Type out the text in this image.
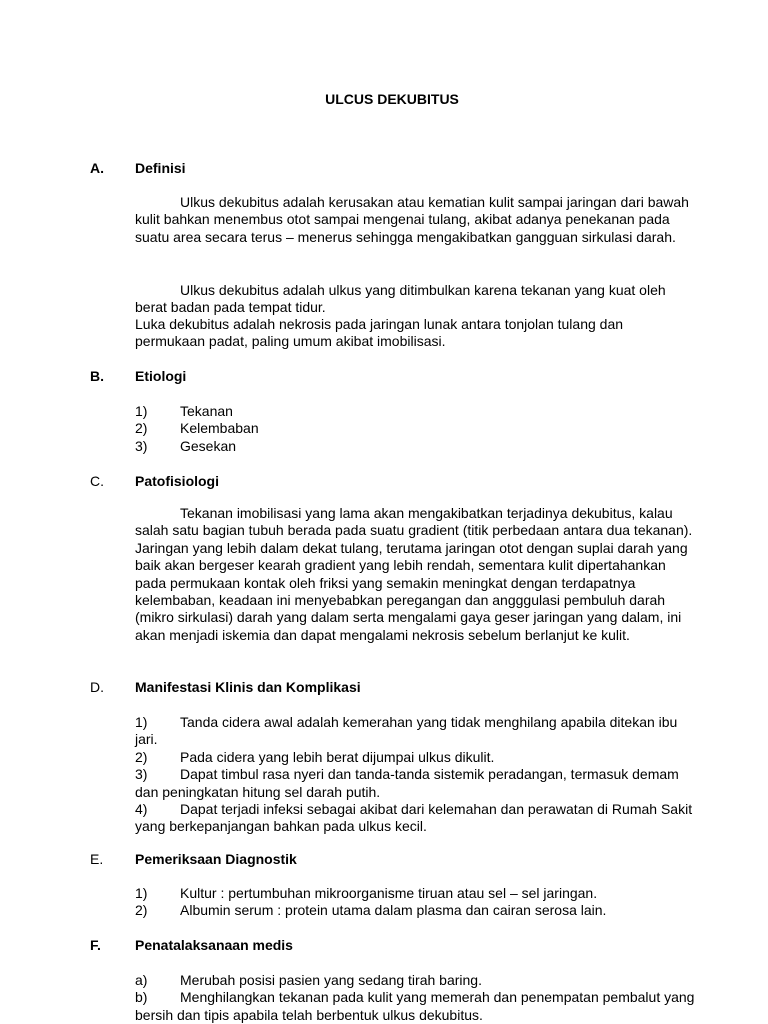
ULCUS DEKUBITUS
A. Definisi

Ulkus dekubitus adalah kerusakan atau kematian kulit sampai jaringan dari bawah kulit bahkan menembus otot sampai mengenai tulang, akibat adanya penekanan pada suatu area secara terus – menerus sehingga mengakibatkan gangguan sirkulasi darah.

Ulkus dekubitus adalah ulkus yang ditimbulkan karena tekanan yang kuat oleh berat badan pada tempat tidur.

Luka dekubitus adalah nekrosis pada jaringan lunak antara tonjolan tulang dan permukaan padat, paling umum akibat imobilisasi.

B. Etiologi
1) Tekanan
2) Kelembaban
3) Gesekan
C. Patofisiologi

Tekanan imobilisasi yang lama akan mengakibatkan terjadinya dekubitus, kalau salah satu bagian tubuh berada pada suatu gradient (titik perbedaan antara dua tekanan). Jaringan yang lebih dalam dekat tulang, terutama jaringan otot dengan suplai darah yang baik akan bergeser kearah gradient yang lebih rendah, sementara kulit dipertahankan pada permukaan kontak oleh friksi yang semakin meningkat dengan terdapatnya kelembaban, keadaan ini menyebabkan peregangan dan angggulasi pembuluh darah (mikro sirkulasi) darah yang dalam serta mengalami gaya geser jaringan yang dalam, ini akan menjadi iskemia dan dapat mengalami nekrosis sebelum berlanjut ke kulit.

D. Manifestasi Klinis dan Komplikasi
1) Tanda cidera awal adalah kemerahan yang tidak menghilang apabila ditekan ibu jari.
2) Pada cidera yang lebih berat dijumpai ulkus dikulit.
3) Dapat timbul rasa nyeri dan tanda-tanda sistemik peradangan, termasuk demam dan peningkatan hitung sel darah putih.
4) Dapat terjadi infeksi sebagai akibat dari kelemahan dan perawatan di Rumah Sakit yang berkepanjangan bahkan pada ulkus kecil.
E. Pemeriksaan Diagnostik
1) Kultur : pertumbuhan mikroorganisme tiruan atau sel – sel jaringan.
2) Albumin serum : protein utama dalam plasma dan cairan serosa lain.
F. Penatalaksanaan medis
a) Merubah posisi pasien yang sedang tirah baring.
b) Menghilangkan tekanan pada kulit yang memerah dan penempatan pembalut yang bersih dan tipis apabila telah berbentuk ulkus dekubitus.
